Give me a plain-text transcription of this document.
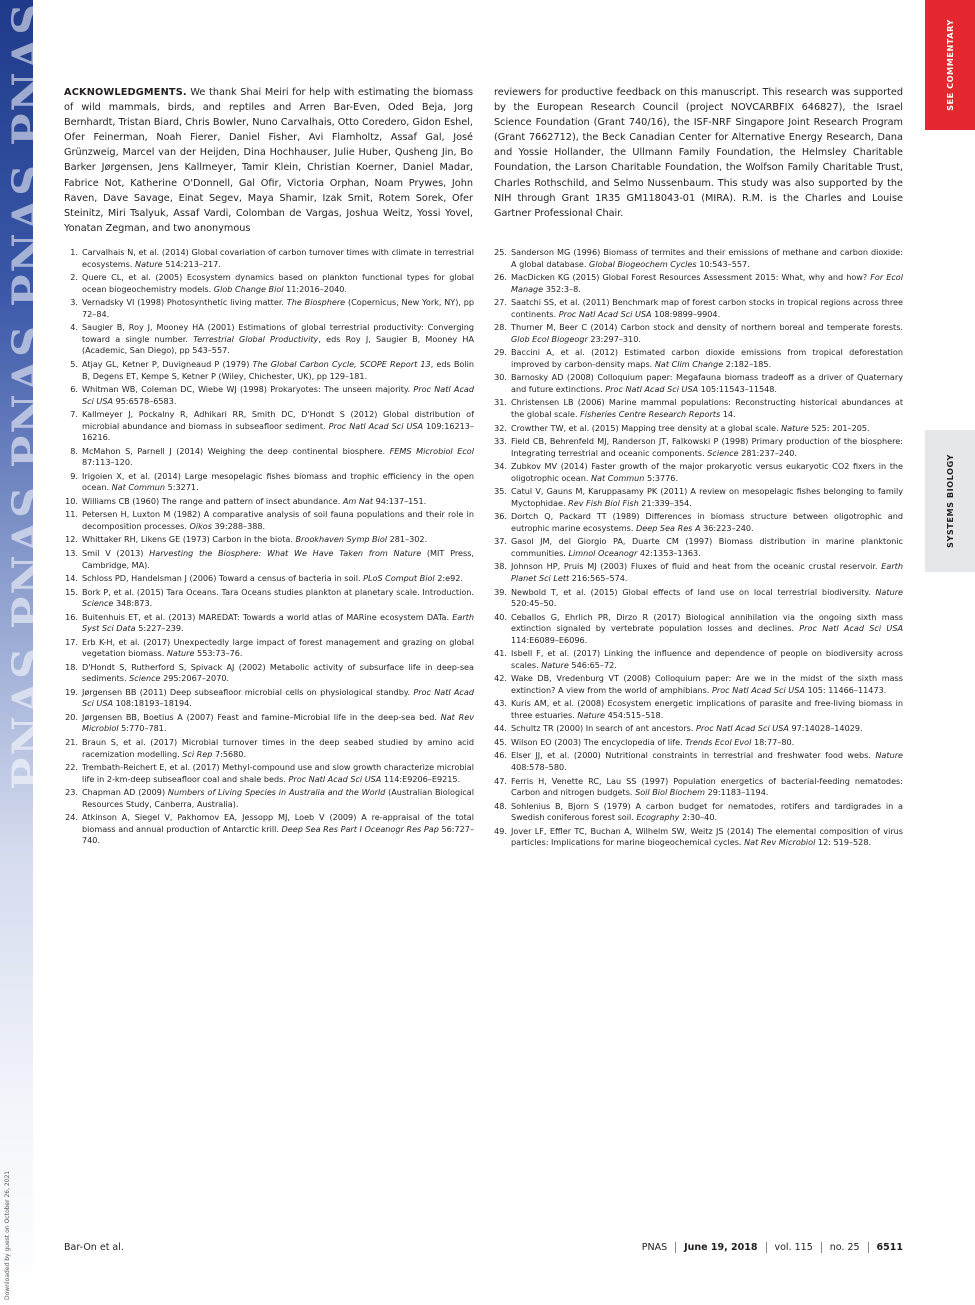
PNAS PNAS PNAS PNAS PNAS
Downloaded by guest on October 26, 2021
SEE COMMENTARY
SYSTEMS BIOLOGY

ACKNOWLEDGMENTS. We thank Shai Meiri for help with estimating the biomass of wild mammals, birds, and reptiles and Arren Bar-Even, Oded Beja, Jorg Bernhardt, Tristan Biard, Chris Bowler, Nuno Carvalhais, Otto Coredero, Gidon Eshel, Ofer Feinerman, Noah Fierer, Daniel Fisher, Avi Flamholtz, Assaf Gal, José Grünzweig, Marcel van der Heijden, Dina Hochhauser, Julie Huber, Qusheng Jin, Bo Barker Jørgensen, Jens Kallmeyer, Tamir Klein, Christian Koerner, Daniel Madar, Fabrice Not, Katherine O'Donnell, Gal Ofir, Victoria Orphan, Noam Prywes, John Raven, Dave Savage, Einat Segev, Maya Shamir, Izak Smit, Rotem Sorek, Ofer Steinitz, Miri Tsalyuk, Assaf Vardi, Colomban de Vargas, Joshua Weitz, Yossi Yovel, Yonatan Zegman, and two anonymous

reviewers for productive feedback on this manuscript. This research was supported by the European Research Council (project NOVCARBFIX 646827), the Israel Science Foundation (Grant 740/16), the ISF-NRF Singapore Joint Research Program (Grant 7662712), the Beck Canadian Center for Alternative Energy Research, Dana and Yossie Hollander, the Ullmann Family Foundation, the Helmsley Charitable Foundation, the Larson Charitable Foundation, the Wolfson Family Charitable Trust, Charles Rothschild, and Selmo Nussenbaum. This study was also supported by the NIH through Grant 1R35 GM118043-01 (MIRA). R.M. is the Charles and Louise Gartner Professional Chair.

1. Carvalhais N, et al. (2014) Global covariation of carbon turnover times with climate in terrestrial ecosystems. Nature 514:213–217.
2. Quere CL, et al. (2005) Ecosystem dynamics based on plankton functional types for global ocean biogeochemistry models. Glob Change Biol 11:2016–2040.
3. Vernadsky VI (1998) Photosynthetic living matter. The Biosphere (Copernicus, New York, NY), pp 72–84.
4. Saugier B, Roy J, Mooney HA (2001) Estimations of global terrestrial productivity: Converging toward a single number. Terrestrial Global Productivity, eds Roy J, Saugier B, Mooney HA (Academic, San Diego), pp 543–557.
5. Atjay GL, Ketner P, Duvigneaud P (1979) The Global Carbon Cycle, SCOPE Report 13, eds Bolin B, Degens ET, Kempe S, Ketner P (Wiley, Chichester, UK), pp 129–181.
6. Whitman WB, Coleman DC, Wiebe WJ (1998) Prokaryotes: The unseen majority. Proc Natl Acad Sci USA 95:6578–6583.
7. Kallmeyer J, Pockalny R, Adhikari RR, Smith DC, D'Hondt S (2012) Global distribution of microbial abundance and biomass in subseafloor sediment. Proc Natl Acad Sci USA 109:16213–16216.
8. McMahon S, Parnell J (2014) Weighing the deep continental biosphere. FEMS Microbiol Ecol 87:113–120.
9. Irigoien X, et al. (2014) Large mesopelagic fishes biomass and trophic efficiency in the open ocean. Nat Commun 5:3271.
10. Williams CB (1960) The range and pattern of insect abundance. Am Nat 94:137–151.
11. Petersen H, Luxton M (1982) A comparative analysis of soil fauna populations and their role in decomposition processes. Oikos 39:288–388.
12. Whittaker RH, Likens GE (1973) Carbon in the biota. Brookhaven Symp Biol 281–302.
13. Smil V (2013) Harvesting the Biosphere: What We Have Taken from Nature (MIT Press, Cambridge, MA).
14. Schloss PD, Handelsman J (2006) Toward a census of bacteria in soil. PLoS Comput Biol 2:e92.
15. Bork P, et al. (2015) Tara Oceans. Tara Oceans studies plankton at planetary scale. Introduction. Science 348:873.
16. Buitenhuis ET, et al. (2013) MAREDAT: Towards a world atlas of MARine ecosystem DATa. Earth Syst Sci Data 5:227–239.
17. Erb K-H, et al. (2017) Unexpectedly large impact of forest management and grazing on global vegetation biomass. Nature 553:73–76.
18. D'Hondt S, Rutherford S, Spivack AJ (2002) Metabolic activity of subsurface life in deep-sea sediments. Science 295:2067–2070.
19. Jørgensen BB (2011) Deep subseafloor microbial cells on physiological standby. Proc Natl Acad Sci USA 108:18193–18194.
20. Jørgensen BB, Boetius A (2007) Feast and famine–Microbial life in the deep-sea bed. Nat Rev Microbiol 5:770–781.
21. Braun S, et al. (2017) Microbial turnover times in the deep seabed studied by amino acid racemization modelling. Sci Rep 7:5680.
22. Trembath-Reichert E, et al. (2017) Methyl-compound use and slow growth characterize microbial life in 2-km-deep subseafloor coal and shale beds. Proc Natl Acad Sci USA 114:E9206–E9215.
23. Chapman AD (2009) Numbers of Living Species in Australia and the World (Australian Biological Resources Study, Canberra, Australia).
24. Atkinson A, Siegel V, Pakhomov EA, Jessopp MJ, Loeb V (2009) A re-appraisal of the total biomass and annual production of Antarctic krill. Deep Sea Res Part I Oceanogr Res Pap 56:727–740.
25. Sanderson MG (1996) Biomass of termites and their emissions of methane and carbon dioxide: A global database. Global Biogeochem Cycles 10:543–557.
26. MacDicken KG (2015) Global Forest Resources Assessment 2015: What, why and how? For Ecol Manage 352:3–8.
27. Saatchi SS, et al. (2011) Benchmark map of forest carbon stocks in tropical regions across three continents. Proc Natl Acad Sci USA 108:9899–9904.
28. Thurner M, Beer C (2014) Carbon stock and density of northern boreal and temperate forests. Glob Ecol Biogeogr 23:297–310.
29. Baccini A, et al. (2012) Estimated carbon dioxide emissions from tropical deforestation improved by carbon-density maps. Nat Clim Change 2:182–185.
30. Barnosky AD (2008) Colloquium paper: Megafauna biomass tradeoff as a driver of Quaternary and future extinctions. Proc Natl Acad Sci USA 105:11543–11548.
31. Christensen LB (2006) Marine mammal populations: Reconstructing historical abundances at the global scale. Fisheries Centre Research Reports 14.
32. Crowther TW, et al. (2015) Mapping tree density at a global scale. Nature 525: 201–205.
33. Field CB, Behrenfeld MJ, Randerson JT, Falkowski P (1998) Primary production of the biosphere: Integrating terrestrial and oceanic components. Science 281:237–240.
34. Zubkov MV (2014) Faster growth of the major prokaryotic versus eukaryotic CO2 fixers in the oligotrophic ocean. Nat Commun 5:3776.
35. Catul V, Gauns M, Karuppasamy PK (2011) A review on mesopelagic fishes belonging to family Myctophidae. Rev Fish Biol Fish 21:339–354.
36. Dortch Q, Packard TT (1989) Differences in biomass structure between oligotrophic and eutrophic marine ecosystems. Deep Sea Res A 36:223–240.
37. Gasol JM, del Giorgio PA, Duarte CM (1997) Biomass distribution in marine planktonic communities. Limnol Oceanogr 42:1353–1363.
38. Johnson HP, Pruis MJ (2003) Fluxes of fluid and heat from the oceanic crustal reservoir. Earth Planet Sci Lett 216:565–574.
39. Newbold T, et al. (2015) Global effects of land use on local terrestrial biodiversity. Nature 520:45–50.
40. Ceballos G, Ehrlich PR, Dirzo R (2017) Biological annihilation via the ongoing sixth mass extinction signaled by vertebrate population losses and declines. Proc Natl Acad Sci USA 114:E6089–E6096.
41. Isbell F, et al. (2017) Linking the influence and dependence of people on biodiversity across scales. Nature 546:65–72.
42. Wake DB, Vredenburg VT (2008) Colloquium paper: Are we in the midst of the sixth mass extinction? A view from the world of amphibians. Proc Natl Acad Sci USA 105: 11466–11473.
43. Kuris AM, et al. (2008) Ecosystem energetic implications of parasite and free-living biomass in three estuaries. Nature 454:515–518.
44. Schultz TR (2000) In search of ant ancestors. Proc Natl Acad Sci USA 97:14028–14029.
45. Wilson EO (2003) The encyclopedia of life. Trends Ecol Evol 18:77–80.
46. Elser JJ, et al. (2000) Nutritional constraints in terrestrial and freshwater food webs. Nature 408:578–580.
47. Ferris H, Venette RC, Lau SS (1997) Population energetics of bacterial-feeding nematodes: Carbon and nitrogen budgets. Soil Biol Biochem 29:1183–1194.
48. Sohlenius B, Bjorn S (1979) A carbon budget for nematodes, rotifers and tardigrades in a Swedish coniferous forest soil. Ecography 2:30–40.
49. Jover LF, Effler TC, Buchan A, Wilhelm SW, Weitz JS (2014) The elemental composition of virus particles: Implications for marine biogeochemical cycles. Nat Rev Microbiol 12: 519–528.
Bar-On et al.	PNAS June 19, 2018 vol. 115 no. 25 6511
